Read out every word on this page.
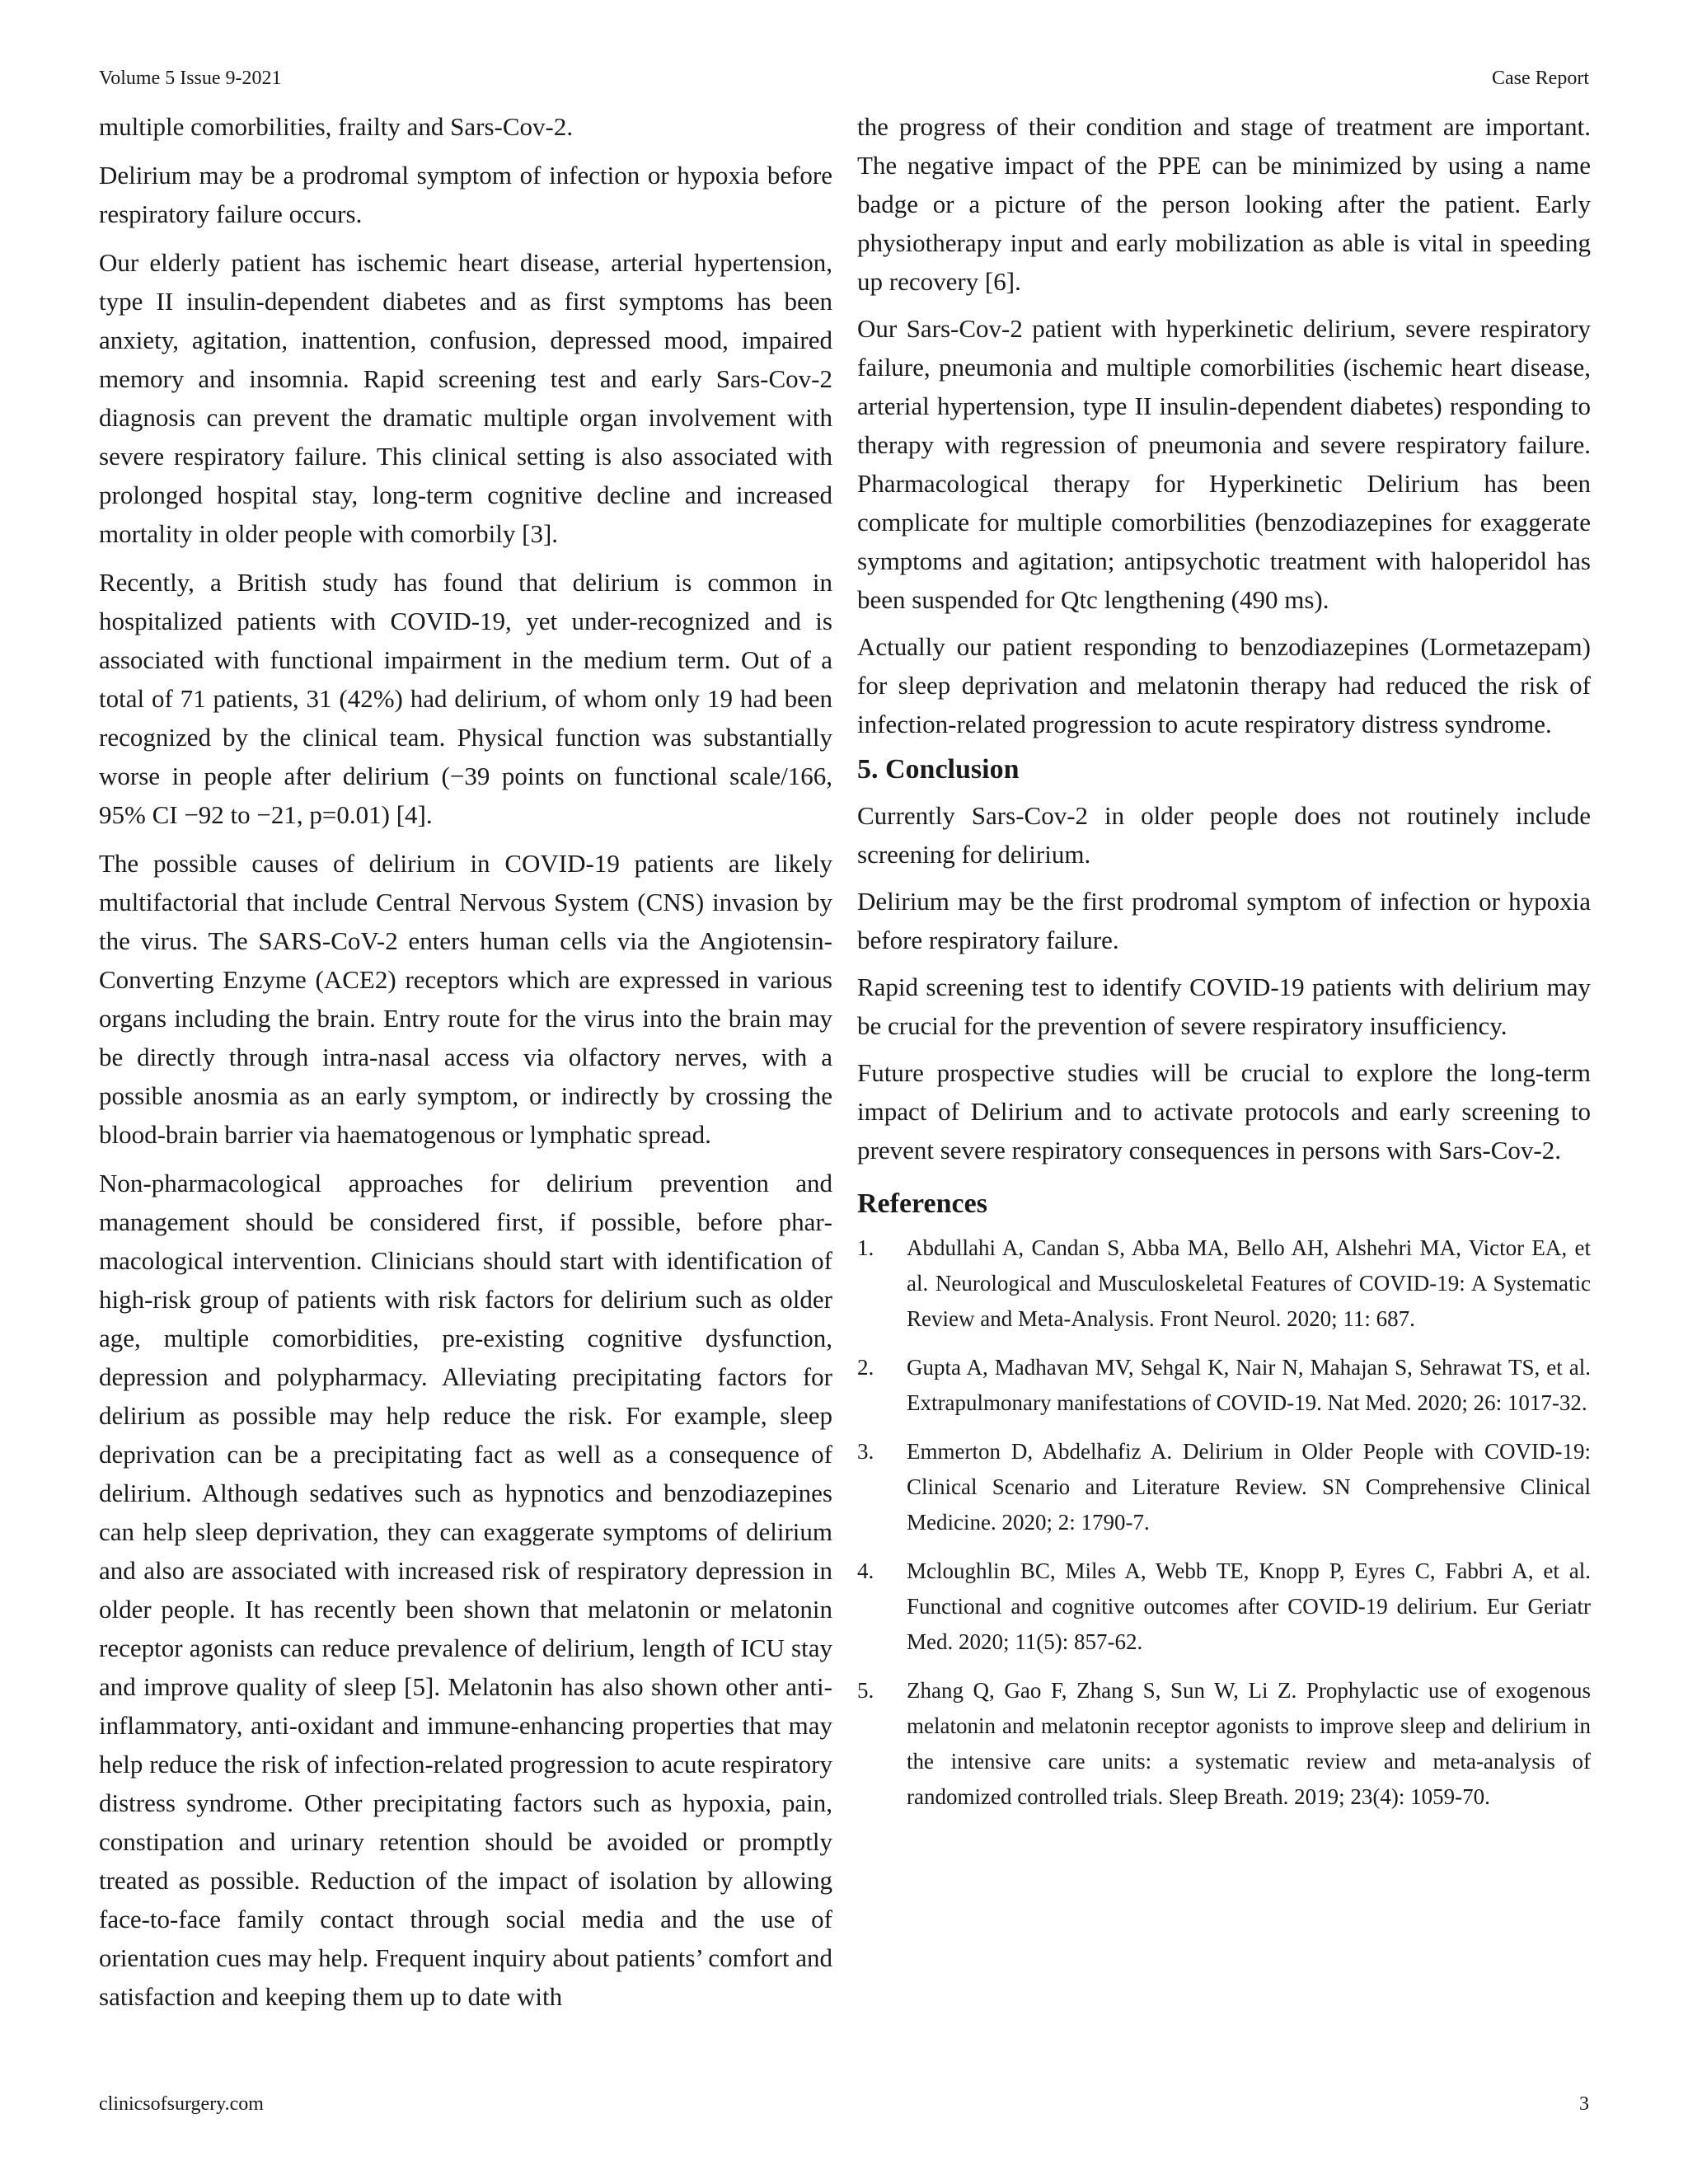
Volume 5 Issue 9-2021	Case Report

multiple comorbilities, frailty and Sars-Cov-2.

Delirium may be a prodromal symptom of infection or hypoxia before respiratory failure occurs.

Our elderly patient has ischemic heart disease, arterial hypertension, type II insulin-dependent diabetes and as first symptoms has been anxiety, agitation, inattention, confusion, depressed mood, impaired memory and insomnia. Rapid screening test and early Sars-Cov-2 diagnosis can prevent the dramatic multiple organ involvement with severe respiratory failure. This clinical setting is also associated with prolonged hospital stay, long-term cognitive decline and increased mortality in older people with comorbily [3].

Recently, a British study has found that delirium is common in hospitalized patients with COVID-19, yet under-recognized and is associated with functional impairment in the medium term. Out of a total of 71 patients, 31 (42%) had delirium, of whom only 19 had been recognized by the clinical team. Physical function was substantially worse in people after delirium (−39 points on functional scale/166, 95% CI −92 to −21, p=0.01) [4].

The possible causes of delirium in COVID-19 patients are likely multifactorial that include Central Nervous System (CNS) invasion by the virus. The SARS-CoV-2 enters human cells via the Angiotensin-Converting Enzyme (ACE2) receptors which are expressed in various organs including the brain. Entry route for the virus into the brain may be directly through intra-nasal access via olfactory nerves, with a possible anosmia as an early symptom, or indirectly by crossing the blood-brain barrier via haematogenous or lymphatic spread.

Non-pharmacological approaches for delirium prevention and management should be considered first, if possible, before pharmacological intervention. Clinicians should start with identification of high-risk group of patients with risk factors for delirium such as older age, multiple comorbidities, pre-existing cognitive dysfunction, depression and polypharmacy. Alleviating precipitating factors for delirium as possible may help reduce the risk. For example, sleep deprivation can be a precipitating fact as well as a consequence of delirium. Although sedatives such as hypnotics and benzodiazepines can help sleep deprivation, they can exaggerate symptoms of delirium and also are associated with increased risk of respiratory depression in older people. It has recently been shown that melatonin or melatonin receptor agonists can reduce prevalence of delirium, length of ICU stay and improve quality of sleep [5]. Melatonin has also shown other anti-inflammatory, anti-oxidant and immune-enhancing properties that may help reduce the risk of infection-related progression to acute respiratory distress syndrome. Other precipitating factors such as hypoxia, pain, constipation and urinary retention should be avoided or promptly treated as possible. Reduction of the impact of isolation by allowing face-to-face family contact through social media and the use of orientation cues may help. Frequent inquiry about patients’ comfort and satisfaction and keeping them up to date with

the progress of their condition and stage of treatment are important. The negative impact of the PPE can be minimized by using a name badge or a picture of the person looking after the patient. Early physiotherapy input and early mobilization as able is vital in speeding up recovery [6].

Our Sars-Cov-2 patient with hyperkinetic delirium, severe respiratory failure, pneumonia and multiple comorbilities (ischemic heart disease, arterial hypertension, type II insulin-dependent diabetes) responding to therapy with regression of pneumonia and severe respiratory failure. Pharmacological therapy for Hyperkinetic Delirium has been complicate for multiple comorbilities (benzodiazepines for exaggerate symptoms and agitation; antipsychotic treatment with haloperidol has been suspended for Qtc lengthening (490 ms).

Actually our patient responding to benzodiazepines (Lormetazepam) for sleep deprivation and melatonin therapy had reduced the risk of infection-related progression to acute respiratory distress syndrome.

5. Conclusion

Currently Sars-Cov-2 in older people does not routinely include screening for delirium.

Delirium may be the first prodromal symptom of infection or hypoxia before respiratory failure.

Rapid screening test to identify COVID-19 patients with delirium may be crucial for the prevention of severe respiratory insufficiency.

Future prospective studies will be crucial to explore the long-term impact of Delirium and to activate protocols and early screening to prevent severe respiratory consequences in persons with Sars-Cov-2.

References
1.	Abdullahi A, Candan S, Abba MA, Bello AH, Alshehri MA, Victor EA, et al. Neurological and Musculoskeletal Features of COVID-19: A Systematic Review and Meta-Analysis. Front Neurol. 2020; 11: 687.
2.	Gupta A, Madhavan MV, Sehgal K, Nair N, Mahajan S, Sehrawat TS, et al. Extrapulmonary manifestations of COVID-19. Nat Med. 2020; 26: 1017-32.
3.	Emmerton D, Abdelhafiz A. Delirium in Older People with COVID-19: Clinical Scenario and Literature Review. SN Comprehensive Clinical Medicine. 2020; 2: 1790-7.
4.	Mcloughlin BC, Miles A, Webb TE, Knopp P, Eyres C, Fabbri A, et al. Functional and cognitive outcomes after COVID-19 delirium. Eur Geriatr Med. 2020; 11(5): 857-62.
5.	Zhang Q, Gao F, Zhang S, Sun W, Li Z. Prophylactic use of exogenous melatonin and melatonin receptor agonists to improve sleep and delirium in the intensive care units: a systematic review and meta-analysis of randomized controlled trials. Sleep Breath. 2019; 23(4): 1059-70.
clinicsofsurgery.com	3
